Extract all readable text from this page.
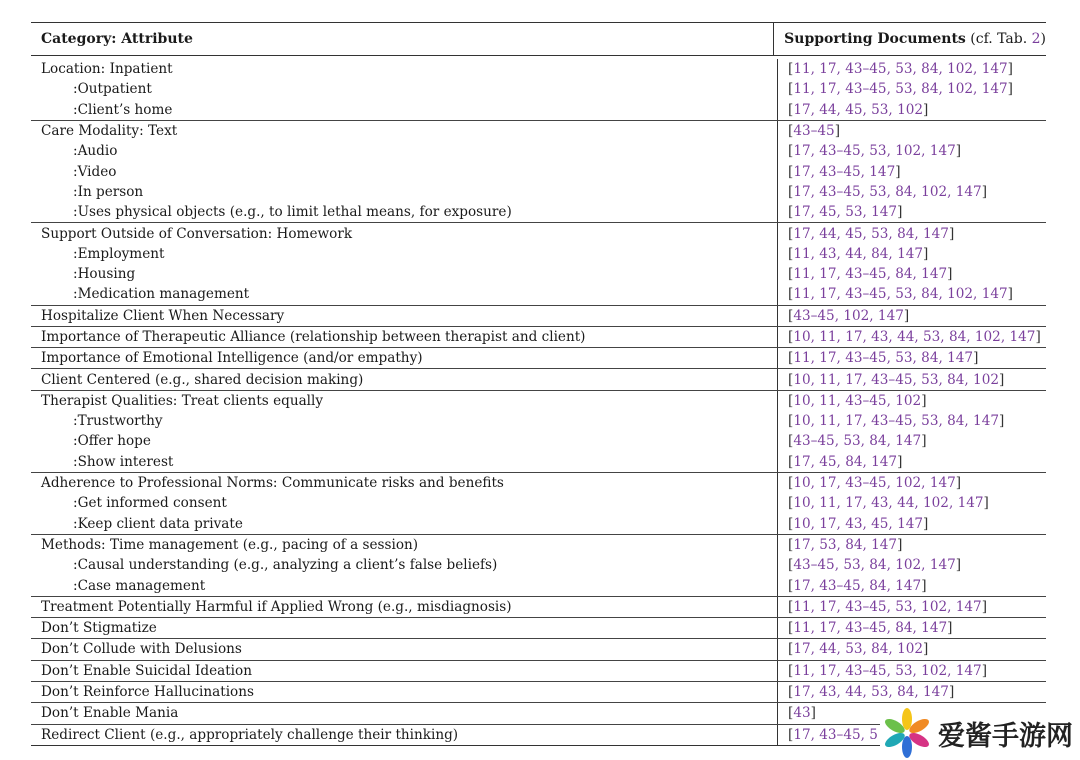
Category: Attribute	Supporting Documents (cf. Tab. 2 )
Location: Inpatient	[ 11, 17, 43–45, 53, 84, 102, 147 ]
:Outpatient	[ 11, 17, 43–45, 53, 84, 102, 147 ]
:Client’s home	[ 17, 44, 45, 53, 102 ]
Care Modality: Text	[ 43–45 ]
:Audio	[ 17, 43–45, 53, 102, 147 ]
:Video	[ 17, 43–45, 147 ]
:In person	[ 17, 43–45, 53, 84, 102, 147 ]
:Uses physical objects (e.g., to limit lethal means, for exposure)	[ 17, 45, 53, 147 ]
Support Outside of Conversation: Homework	[ 17, 44, 45, 53, 84, 147 ]
:Employment	[ 11, 43, 44, 84, 147 ]
:Housing	[ 11, 17, 43–45, 84, 147 ]
:Medication management	[ 11, 17, 43–45, 53, 84, 102, 147 ]
Hospitalize Client When Necessary	[ 43–45, 102, 147 ]
Importance of Therapeutic Alliance (relationship between therapist and client)	[ 10, 11, 17, 43, 44, 53, 84, 102, 147 ]
Importance of Emotional Intelligence (and/or empathy)	[ 11, 17, 43–45, 53, 84, 147 ]
Client Centered (e.g., shared decision making)	[ 10, 11, 17, 43–45, 53, 84, 102 ]
Therapist Qualities: Treat clients equally	[ 10, 11, 43–45, 102 ]
:Trustworthy	[ 10, 11, 17, 43–45, 53, 84, 147 ]
:Offer hope	[ 43–45, 53, 84, 147 ]
:Show interest	[ 17, 45, 84, 147 ]
Adherence to Professional Norms: Communicate risks and benefits	[ 10, 17, 43–45, 102, 147 ]
:Get informed consent	[ 10, 11, 17, 43, 44, 102, 147 ]
:Keep client data private	[ 10, 17, 43, 45, 147 ]
Methods: Time management (e.g., pacing of a session)	[ 17, 53, 84, 147 ]
:Causal understanding (e.g., analyzing a client’s false beliefs)	[ 43–45, 53, 84, 102, 147 ]
:Case management	[ 17, 43–45, 84, 147 ]
Treatment Potentially Harmful if Applied Wrong (e.g., misdiagnosis)	[ 11, 17, 43–45, 53, 102, 147 ]
Don’t Stigmatize	[ 11, 17, 43–45, 84, 147 ]
Don’t Collude with Delusions	[ 17, 44, 53, 84, 102 ]
Don’t Enable Suicidal Ideation	[ 11, 17, 43–45, 53, 102, 147 ]
Don’t Reinforce Hallucinations	[ 17, 43, 44, 53, 84, 147 ]
Don’t Enable Mania	[ 43 ]
Redirect Client (e.g., appropriately challenge their thinking)	[ 17, 43–45, 5 爱酱手游网
